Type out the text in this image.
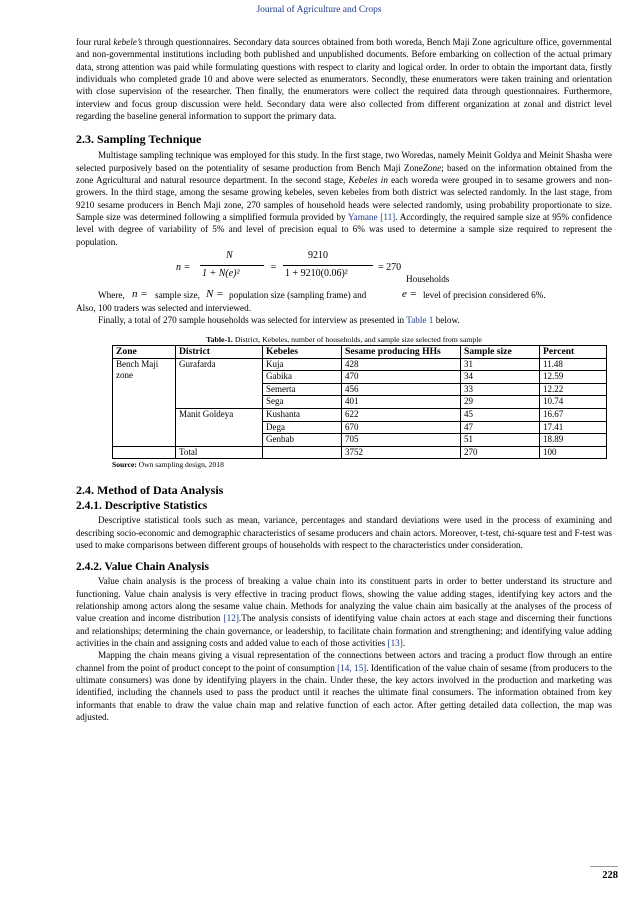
Journal of Agriculture and Crops

four rural kebele’s through questionnaires. Secondary data sources obtained from both woreda, Bench Maji Zone agriculture office, governmental and non-governmental institutions including both published and unpublished documents. Before embarking on collection of the actual primary data, strong attention was paid while formulating questions with respect to clarity and logical order. In order to obtain the important data, firstly individuals who completed grade 10 and above were selected as enumerators. Secondly, these enumerators were taken training and orientation with close supervision of the researcher. Then finally, the enumerators were collect the required data through questionnaires. Furthermore, interview and focus group discussion were held. Secondary data were also collected from different organization at zonal and district level regarding the baseline general information to support the primary data.

2.3. Sampling Technique

Multistage sampling technique was employed for this study. In the first stage, two Woredas, namely Meinit Goldya and Meinit Shasha were selected purposively based on the potentiality of sesame production from Bench Maji ZoneZone; based on the information obtained from the zone Agricultural and natural resource department. In the second stage, Kebeles in each woreda were grouped in to sesame growers and non-growers. In the third stage, among the sesame growing kebeles, seven kebeles from both district was selected randomly. In the last stage, from 9210 sesame producers in Bench Maji zone, 270 samples of household heads were selected randomly, using probability proportionate to size. Sample size was determined following a simplified formula provided by Yamane [11]. Accordingly, the required sample size at 95% confidence level with degree of variability of 5% and level of precision equal to 6% was used to determine a sample size required to represent the population.

n =
N
1 + N(e)²
=
9210
1 + 9210(0.06)²
= 270
Households
Where, n = sample size, N = population size (sampling frame) and	e = level of precision considered 6%.

Also, 100 traders was selected and interviewed.

Finally, a total of 270 sample households was selected for interview as presented in Table 1 below.

Table-1. District, Kebeles, number of households, and sample size selected from sample
Zone	District	Kebeles	Sesame producing HHs	Sample size	Percent
Bench Maji
zone	Gurafarda	Kuja	428	31	11.48
		Gabika	470	34	12.59
		Semerta	456	33	12.22
		Sega	401	29	10.74
	Manit Goldeya	Kushanta	622	45	16.67
		Dega	670	47	17.41
		Genbab	705	51	18.89
	Total		3752	270	100
Source: Own sampling design, 2018
2.4. Method of Data Analysis
2.4.1. Descriptive Statistics

Descriptive statistical tools such as mean, variance, percentages and standard deviations were used in the process of examining and describing socio-economic and demographic characteristics of sesame producers and chain actors. Moreover, t-test, chi-square test and F-test was used to make comparisons between different groups of households with respect to the characteristics under consideration.

2.4.2. Value Chain Analysis

Value chain analysis is the process of breaking a value chain into its constituent parts in order to better understand its structure and functioning. Value chain analysis is very effective in tracing product flows, showing the value adding stages, identifying key actors and the relationship among actors along the sesame value chain. Methods for analyzing the value chain aim basically at the analyses of the process of value creation and income distribution [12].The analysis consists of identifying value chain actors at each stage and discerning their functions and relationships; determining the chain governance, or leadership, to facilitate chain formation and strengthening; and identifying value adding activities in the chain and assigning costs and added value to each of those activities [13].

Mapping the chain means giving a visual representation of the connections between actors and tracing a product flow through an entire channel from the point of product concept to the point of consumption [14, 15]. Identification of the value chain of sesame (from producers to the ultimate consumers) was done by identifying players in the chain. Under these, the key actors involved in the production and marketing was identified, including the channels used to pass the product until it reaches the ultimate final consumers. The information obtained from key informants that enable to draw the value chain map and relative function of each actor. After getting detailed data collection, the map was adjusted.

228
